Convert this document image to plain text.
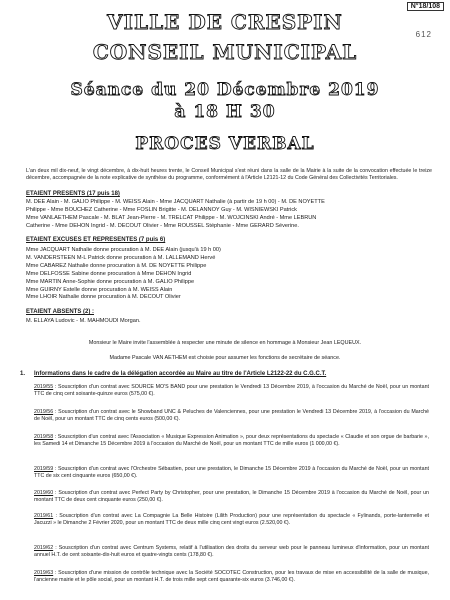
N°18/108
612
VILLE DE CRESPIN
CONSEIL MUNICIPAL
Séance du 20 Décembre 2019
à 18 H 30
PROCES VERBAL

L'an deux mil dix-neuf, le vingt décembre, à dix-huit heures trente, le Conseil Municipal s'est réuni dans la salle de la Mairie à la suite de la convocation effectuée le treize décembre, accompagnée de la note explicative de synthèse du programme, conformément à l'Article L2121-12 du Code Général des Collectivités Territoriales.

ETAIENT PRESENTS (17 puis 18)
M. DEE Alain - M. GALIO Philippe - M. WEISS Alain - Mme JACQUART Nathalie (à partir de 19 h 00) - M. DE NOYETTE
Philippe - Mme BOUCHEZ Catherine - Mme FOSLIN Brigitte - M. DELANNOY Guy - M. WISNIEWSKI Patrick
Mme VANLAETHEM Pascale - M. BLAT Jean-Pierre - M. TRELCAT Philippe - M. WOJCINSKI André - Mme LEBRUN
Catherine - Mme DEHON Ingrid - M. DECOUT Olivier - Mme ROUSSEL Stéphanie - Mme GERARD Séverine.
ETAIENT EXCUSES ET REPRESENTES (7 puis 6)
Mme JACQUART Nathalie donne procuration à M. DEE Alain (jusqu'à 19 h 00)
M. VANDERSTEEN M-L Patrick donne procuration à M. LALLEMAND Hervé
Mme CABAREZ Nathalie donne procuration à M. DE NOYETTE Philippe
Mme DELFOSSE Sabine donne procuration à Mme DEHON Ingrid
Mme MARTIN Anne-Sophie donne procuration à M. GALIO Philippe
Mme GUIRNY Estelle donne procuration à M. WEISS Alain
Mme LHOIR Nathalie donne procuration à M. DECOUT Olivier
ETAIENT ABSENTS (2) :
M. ELLAYA Ludovic - M. MAHMOUDI Morgan.
Monsieur le Maire invite l'assemblée à respecter une minute de silence en hommage à Monsieur Jean LEQUEUX.
Madame Pascale VAN AETHEM est choisie pour assumer les fonctions de secrétaire de séance.
1. Informations dans le cadre de la délégation accordée au Maire au titre de l'Article L2122-22 du C.G.C.T.

2019/55 : Souscription d'un contrat avec SOURCE MO'S BAND pour une prestation le Vendredi 13 Décembre 2019, à l'occasion du Marché de Noël, pour un montant TTC de cinq cent soixante-quinze euros (575,00 €).

2019/56 : Souscription d'un contrat avec le Showband UNC & Peluches de Valenciennes, pour une prestation le Vendredi 13 Décembre 2019, à l'occasion du Marché de Noël, pour un montant TTC de cinq cents euros (500,00 €).

2019/58 : Souscription d'un contrat avec l'Association « Musique Expression Animation », pour deux représentations du spectacle « Claudie et son orgue de barbarie », les Samedi 14 et Dimanche 15 Décembre 2019 à l'occasion du Marché de Noël, pour un montant TTC de mille euros (1 000,00 €).

2019/59 : Souscription d'un contrat avec l'Orchestre Sébastien, pour une prestation, le Dimanche 15 Décembre 2019 à l'occasion du Marché de Noël, pour un montant TTC de six cent cinquante euros (650,00 €).

2019/60 : Souscription d'un contrat avec Perfect Party by Christopher, pour une prestation, le Dimanche 15 Décembre 2019 à l'occasion du Marché de Noël, pour un montant TTC de deux cent cinquante euros (250,00 €).

2019/61 : Souscription d'un contrat avec La Compagnie La Belle Histoire (Lilith Production) pour une représentation du spectacle « Fylinands, porte-lanternelle et Jacuzzi » le Dimanche 2 Février 2020, pour un montant TTC de deux mille cinq cent vingt euros (2.520,00 €).

2019/62 : Souscription d'un contrat avec Centrum Systems, relatif à l'utilisation des droits du serveur web pour le panneau lumineux d'information, pour un montant annuel H.T. de cent soixante-dix-huit euros et quatre-vingts cents (178,80 €).

2019/63 : Souscription d'une mission de contrôle technique avec la Société SOCOTEC Construction, pour les travaux de mise en accessibilité de la salle de musique, l'ancienne mairie et le pôle social, pour un montant H.T. de trois mille sept cent quarante-six euros (3.746,00 €).
